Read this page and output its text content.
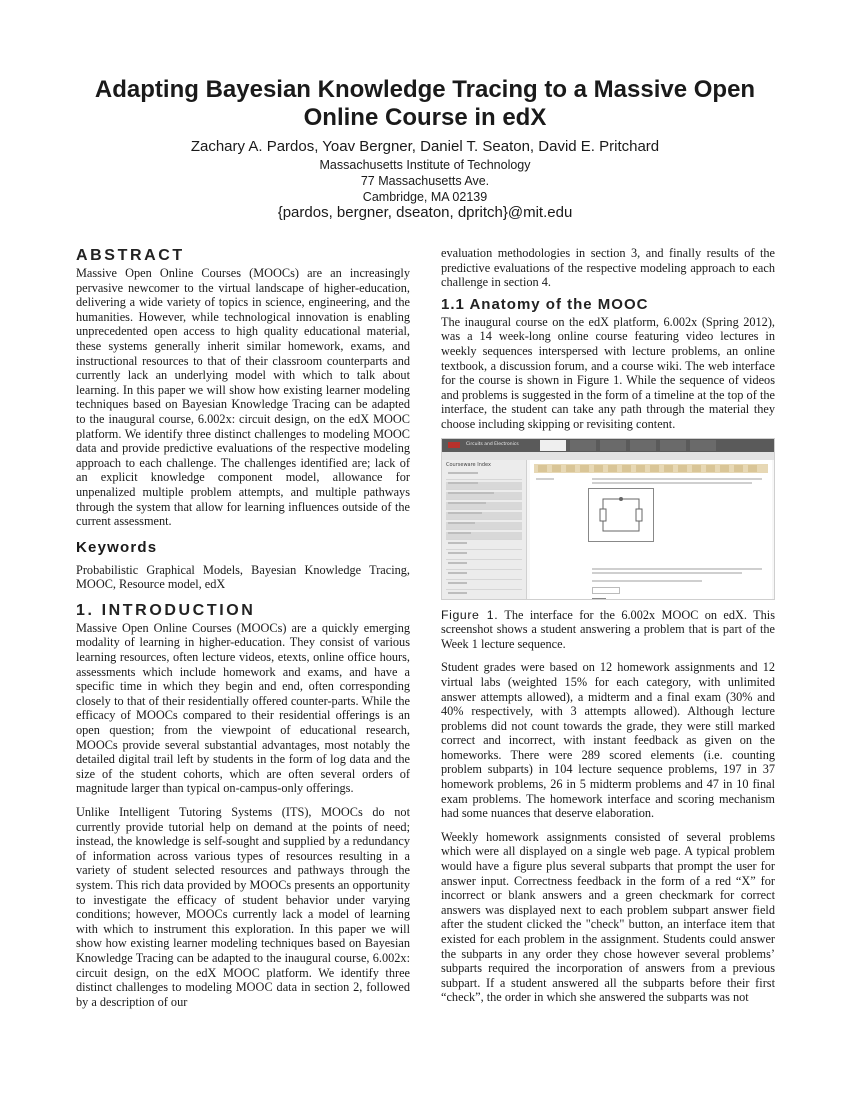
Adapting Bayesian Knowledge Tracing to a Massive Open
Online Course in edX
Zachary A. Pardos, Yoav Bergner, Daniel T. Seaton, David E. Pritchard
Massachusetts Institute of Technology
77 Massachusetts Ave.
Cambridge, MA 02139
{pardos, bergner, dseaton, dpritch}@mit.edu
ABSTRACT

Massive Open Online Courses (MOOCs) are an increasingly pervasive newcomer to the virtual landscape of higher-education, delivering a wide variety of topics in science, engineering, and the humanities. However, while technological innovation is enabling unprecedented open access to high quality educational material, these systems generally inherit similar homework, exams, and instructional resources to that of their classroom counterparts and currently lack an underlying model with which to talk about learning. In this paper we will show how existing learner modeling techniques based on Bayesian Knowledge Tracing can be adapted to the inaugural course, 6.002x: circuit design, on the edX MOOC platform. We identify three distinct challenges to modeling MOOC data and provide predictive evaluations of the respective modeling approach to each challenge. The challenges identified are; lack of an explicit knowledge component model, allowance for unpenalized multiple problem attempts, and multiple pathways through the system that allow for learning influences outside of the current assessment.

Keywords

Probabilistic Graphical Models, Bayesian Knowledge Tracing, MOOC, Resource model, edX

1. INTRODUCTION

Massive Open Online Courses (MOOCs) are a quickly emerging modality of learning in higher-education. They consist of various learning resources, often lecture videos, etexts, online office hours, assessments which include homework and exams, and have a specific time in which they begin and end, often corresponding closely to that of their residentially offered counter-parts. While the efficacy of MOOCs compared to their residential offerings is an open question; from the viewpoint of educational research, MOOCs provide several substantial advantages, most notably the detailed digital trail left by students in the form of log data and the size of the student cohorts, which are often several orders of magnitude larger than typical on-campus-only offerings.

Unlike Intelligent Tutoring Systems (ITS), MOOCs do not currently provide tutorial help on demand at the points of need; instead, the knowledge is self-sought and supplied by a redundancy of information across various types of resources resulting in a variety of student selected resources and pathways through the system. This rich data provided by MOOCs presents an opportunity to investigate the efficacy of student behavior under varying conditions; however, MOOCs currently lack a model of learning with which to instrument this exploration. In this paper we will show how existing learner modeling techniques based on Bayesian Knowledge Tracing can be adapted to the inaugural course, 6.002x: circuit design, on the edX MOOC platform. We identify three distinct challenges to modeling MOOC data in section 2, followed by a description of our

evaluation methodologies in section 3, and finally results of the predictive evaluations of the respective modeling approach to each challenge in section 4.

1.1 Anatomy of the MOOC

The inaugural course on the edX platform, 6.002x (Spring 2012), was a 14 week-long online course featuring video lectures in weekly sequences interspersed with lecture problems, an online textbook, a discussion forum, and a course wiki. The web interface for the course is shown in Figure 1. While the sequence of videos and problems is suggested in the form of a timeline at the top of the interface, the student can take any path through the material they choose including skipping or revisiting content.

Circuits and Electronics
Courseware Index

Figure 1. The interface for the 6.002x MOOC on edX. This screenshot shows a student answering a problem that is part of the Week 1 lecture sequence.

Student grades were based on 12 homework assignments and 12 virtual labs (weighted 15% for each category, with unlimited answer attempts allowed), a midterm and a final exam (30% and 40% respectively, with 3 attempts allowed). Although lecture problems did not count towards the grade, they were still marked correct and incorrect, with instant feedback as given on the homeworks. There were 289 scored elements (i.e. counting problem subparts) in 104 lecture sequence problems, 197 in 37 homework problems, 26 in 5 midterm problems and 47 in 10 final exam problems. The homework interface and scoring mechanism had some nuances that deserve elaboration.

Weekly homework assignments consisted of several problems which were all displayed on a single web page. A typical problem would have a figure plus several subparts that prompt the user for answer input. Correctness feedback in the form of a red “X” for incorrect or blank answers and a green checkmark for correct answers was displayed next to each problem subpart answer field after the student clicked the "check" button, an interface item that existed for each problem in the assignment. Students could answer the subparts in any order they chose however several problems’ subparts required the incorporation of answers from a previous subpart. If a student answered all the subparts before their first “check”, the order in which she answered the subparts was not
